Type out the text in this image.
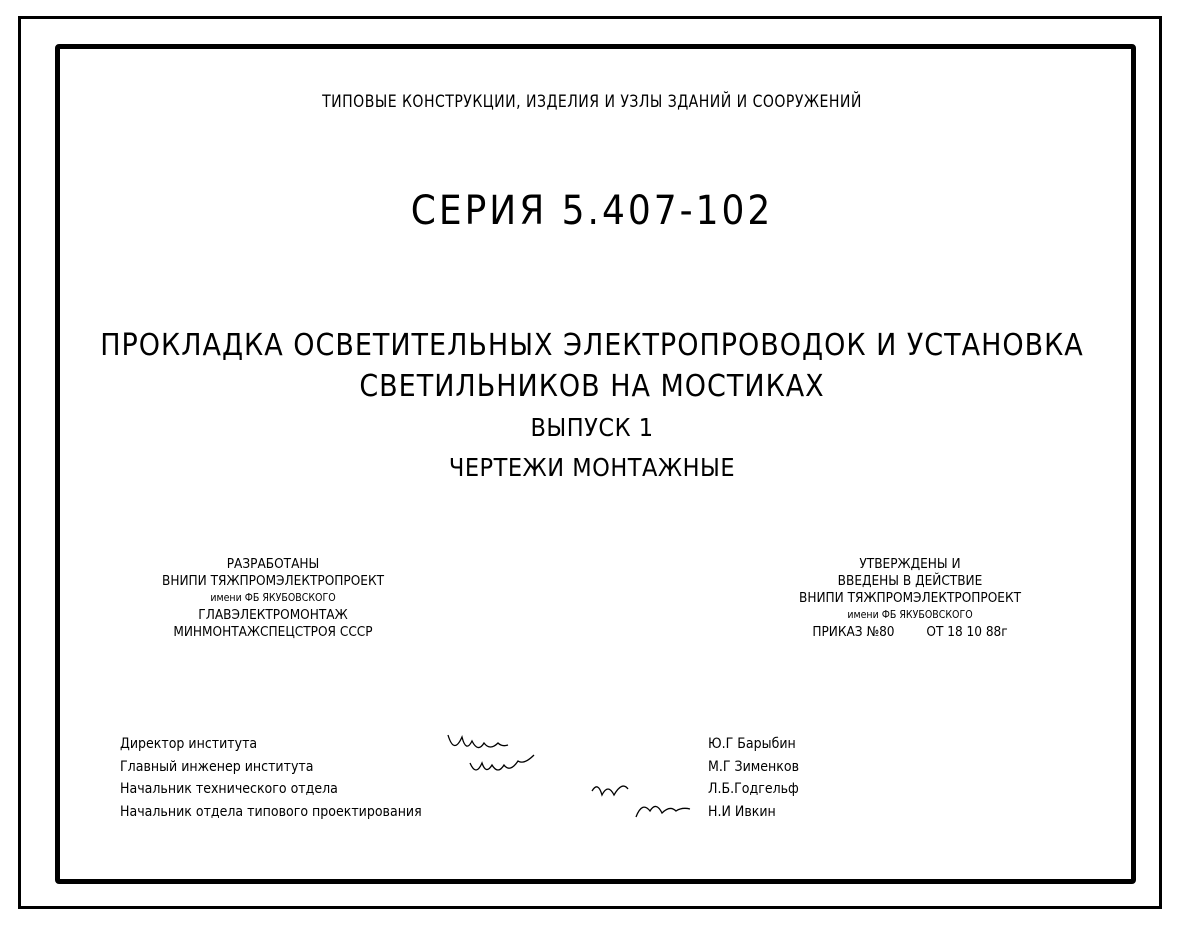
ТИПОВЫЕ КОНСТРУКЦИИ, ИЗДЕЛИЯ И УЗЛЫ ЗДАНИЙ И СООРУЖЕНИЙ
СЕРИЯ 5.407-102
ПРОКЛАДКА ОСВЕТИТЕЛЬНЫХ ЭЛЕКТРОПРОВОДОК И УСТАНОВКА
СВЕТИЛЬНИКОВ НА МОСТИКАХ
ВЫПУСК 1
ЧЕРТЕЖИ МОНТАЖНЫЕ
РАЗРАБОТАНЫ
ВНИПИ ТЯЖПРОМЭЛЕКТРОПРОЕКТ
имени ФБ ЯКУБОВСКОГО
ГЛАВЭЛЕКТРОМОНТАЖ
МИНМОНТАЖСПЕЦСТРОЯ СССР
УТВЕРЖДЕНЫ И
ВВЕДЕНЫ В ДЕЙСТВИЕ
ВНИПИ ТЯЖПРОМЭЛЕКТРОПРОЕКТ
имени ФБ ЯКУБОВСКОГО
ПРИКАЗ №80 ОТ 18 10 88г
Директор института
Главный инженер института
Начальник технического отдела
Начальник отдела типового проектирования
Ю.Г Барыбин
М.Г Зименков
Л.Б.Годгельф
Н.И Ивкин
